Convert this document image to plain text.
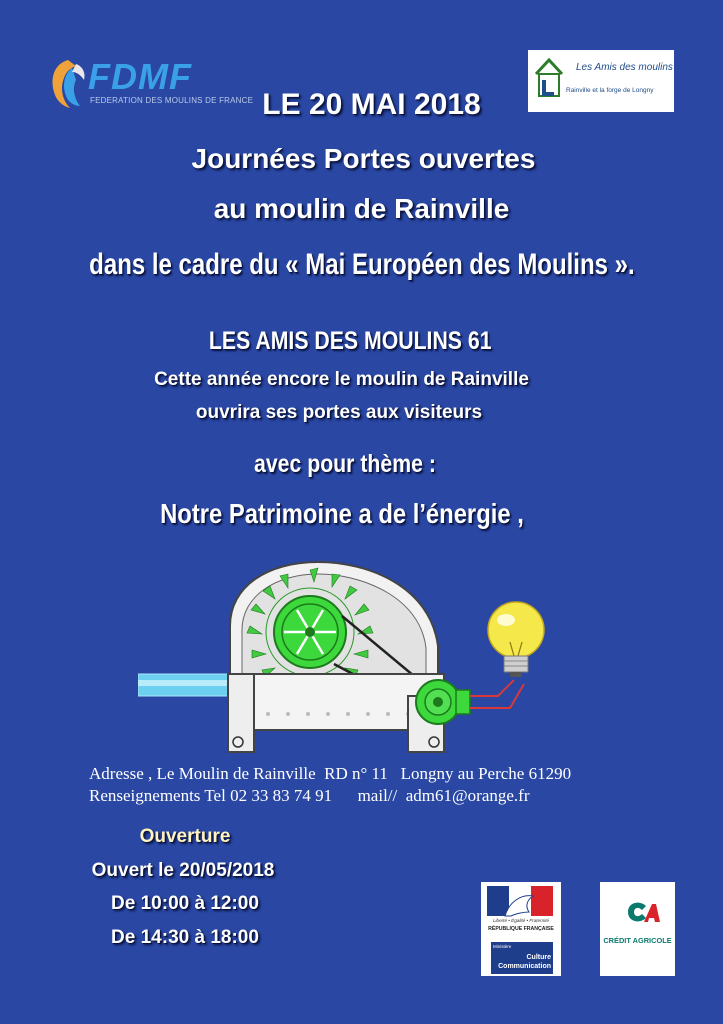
FDMF
FEDERATION DES MOULINS DE FRANCE
Les Amis des moulins
Rainville et la forge de Longny
LE 20 MAI 2018
Journées Portes ouvertes
au moulin de Rainville
dans le cadre du « Mai Européen des Moulins ».
LES AMIS DES MOULINS 61
Cette année encore le moulin de Rainville
ouvrira ses portes aux visiteurs
avec pour thème :
Notre Patrimoine a de l’énergie ,
Adresse , Le Moulin de Rainville  RD n° 11   Longny au Perche 61290
Renseignements Tel 02 33 83 74 91      mail//  adm61@orange.fr
Ouverture
Ouvert le 20/05/2018
De 10:00 à 12:00
De 14:30 à 18:00
Liberté • Égalité • Fraternité
RÉPUBLIQUE FRANÇAISE
Ministère
Culture
Communication
CRÉDIT AGRICOLE
